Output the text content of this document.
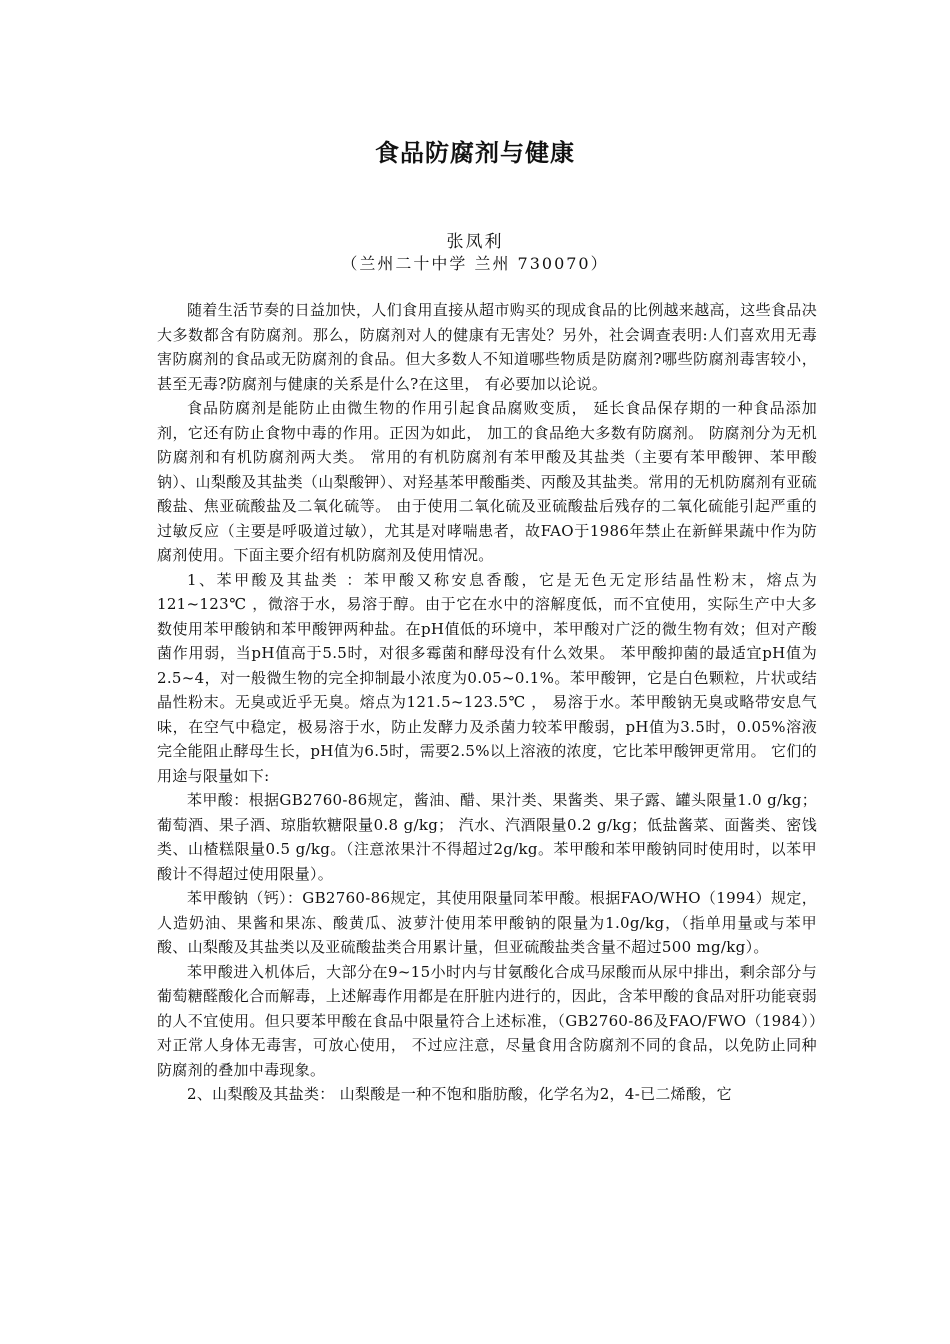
食品防腐剂与健康
张凤利
（兰州二十中学 兰州 730070）

随着生活节奏的日益加快，人们食用直接从超市购买的现成食品的比例越来越高，这些食品决大多数都含有防腐剂。那么，防腐剂对人的健康有无害处？另外，社会调查表明:人们喜欢用无毒害防腐剂的食品或无防腐剂的食品。但大多数人不知道哪些物质是防腐剂?哪些防腐剂毒害较小，甚至无毒?防腐剂与健康的关系是什么?在这里， 有必要加以论说。

食品防腐剂是能防止由微生物的作用引起食品腐败变质， 延长食品保存期的一种食品添加剂，它还有防止食物中毒的作用。正因为如此， 加工的食品绝大多数有防腐剂。 防腐剂分为无机防腐剂和有机防腐剂两大类。 常用的有机防腐剂有苯甲酸及其盐类（主要有苯甲酸钾、苯甲酸钠）、山梨酸及其盐类（山梨酸钾）、对羟基苯甲酸酯类、丙酸及其盐类。常用的无机防腐剂有亚硫酸盐、焦亚硫酸盐及二氧化硫等。 由于使用二氧化硫及亚硫酸盐后残存的二氧化硫能引起严重的过敏反应（主要是呼吸道过敏），尤其是对哮喘患者，故FAO于1986年禁止在新鲜果蔬中作为防腐剂使用。下面主要介绍有机防腐剂及使用情况。

1、苯甲酸及其盐类 ：苯甲酸又称安息香酸，它是无色无定形结晶性粉末，熔点为121~123℃ ，微溶于水，易溶于醇。由于它在水中的溶解度低，而不宜使用，实际生产中大多数使用苯甲酸钠和苯甲酸钾两种盐。在pH值低的环境中，苯甲酸对广泛的微生物有效；但对产酸菌作用弱，当pH值高于5.5时，对很多霉菌和酵母没有什么效果。 苯甲酸抑菌的最适宜pH值为2.5~4，对一般微生物的完全抑制最小浓度为0.05~0.1%。苯甲酸钾，它是白色颗粒，片状或结晶性粉末。无臭或近乎无臭。熔点为121.5~123.5℃ ， 易溶于水。苯甲酸钠无臭或略带安息气味，在空气中稳定，极易溶于水，防止发酵力及杀菌力较苯甲酸弱，pH值为3.5时，0.05%溶液完全能阻止酵母生长，pH值为6.5时，需要2.5%以上溶液的浓度，它比苯甲酸钾更常用。 它们的用途与限量如下:

苯甲酸：根据GB2760-86规定，酱油、醋、果汁类、果酱类、果子露、罐头限量1.0 g/kg；葡萄酒、果子酒、琼脂软糖限量0.8 g/kg； 汽水、汽酒限量0.2 g/kg；低盐酱菜、面酱类、密饯类、山楂糕限量0.5 g/kg。（注意浓果汁不得超过2g/kg。苯甲酸和苯甲酸钠同时使用时，以苯甲酸计不得超过使用限量）。

苯甲酸钠（钙）：GB2760-86规定，其使用限量同苯甲酸。根据FAO/WHO（1994）规定，人造奶油、果酱和果冻、酸黄瓜、波萝汁使用苯甲酸钠的限量为1.0g/kg，（指单用量或与苯甲酸、山梨酸及其盐类以及亚硫酸盐类合用累计量，但亚硫酸盐类含量不超过500 mg/kg）。

苯甲酸进入机体后，大部分在9~15小时内与甘氨酸化合成马尿酸而从尿中排出，剩余部分与葡萄糖醛酸化合而解毒，上述解毒作用都是在肝脏内进行的，因此，含苯甲酸的食品对肝功能衰弱的人不宜使用。但只要苯甲酸在食品中限量符合上述标准，（GB2760-86及FAO/FWO（1984））对正常人身体无毒害，可放心使用， 不过应注意，尽量食用含防腐剂不同的食品，以免防止同种防腐剂的叠加中毒现象。

2、山梨酸及其盐类： 山梨酸是一种不饱和脂肪酸，化学名为2，4-已二烯酸，它
